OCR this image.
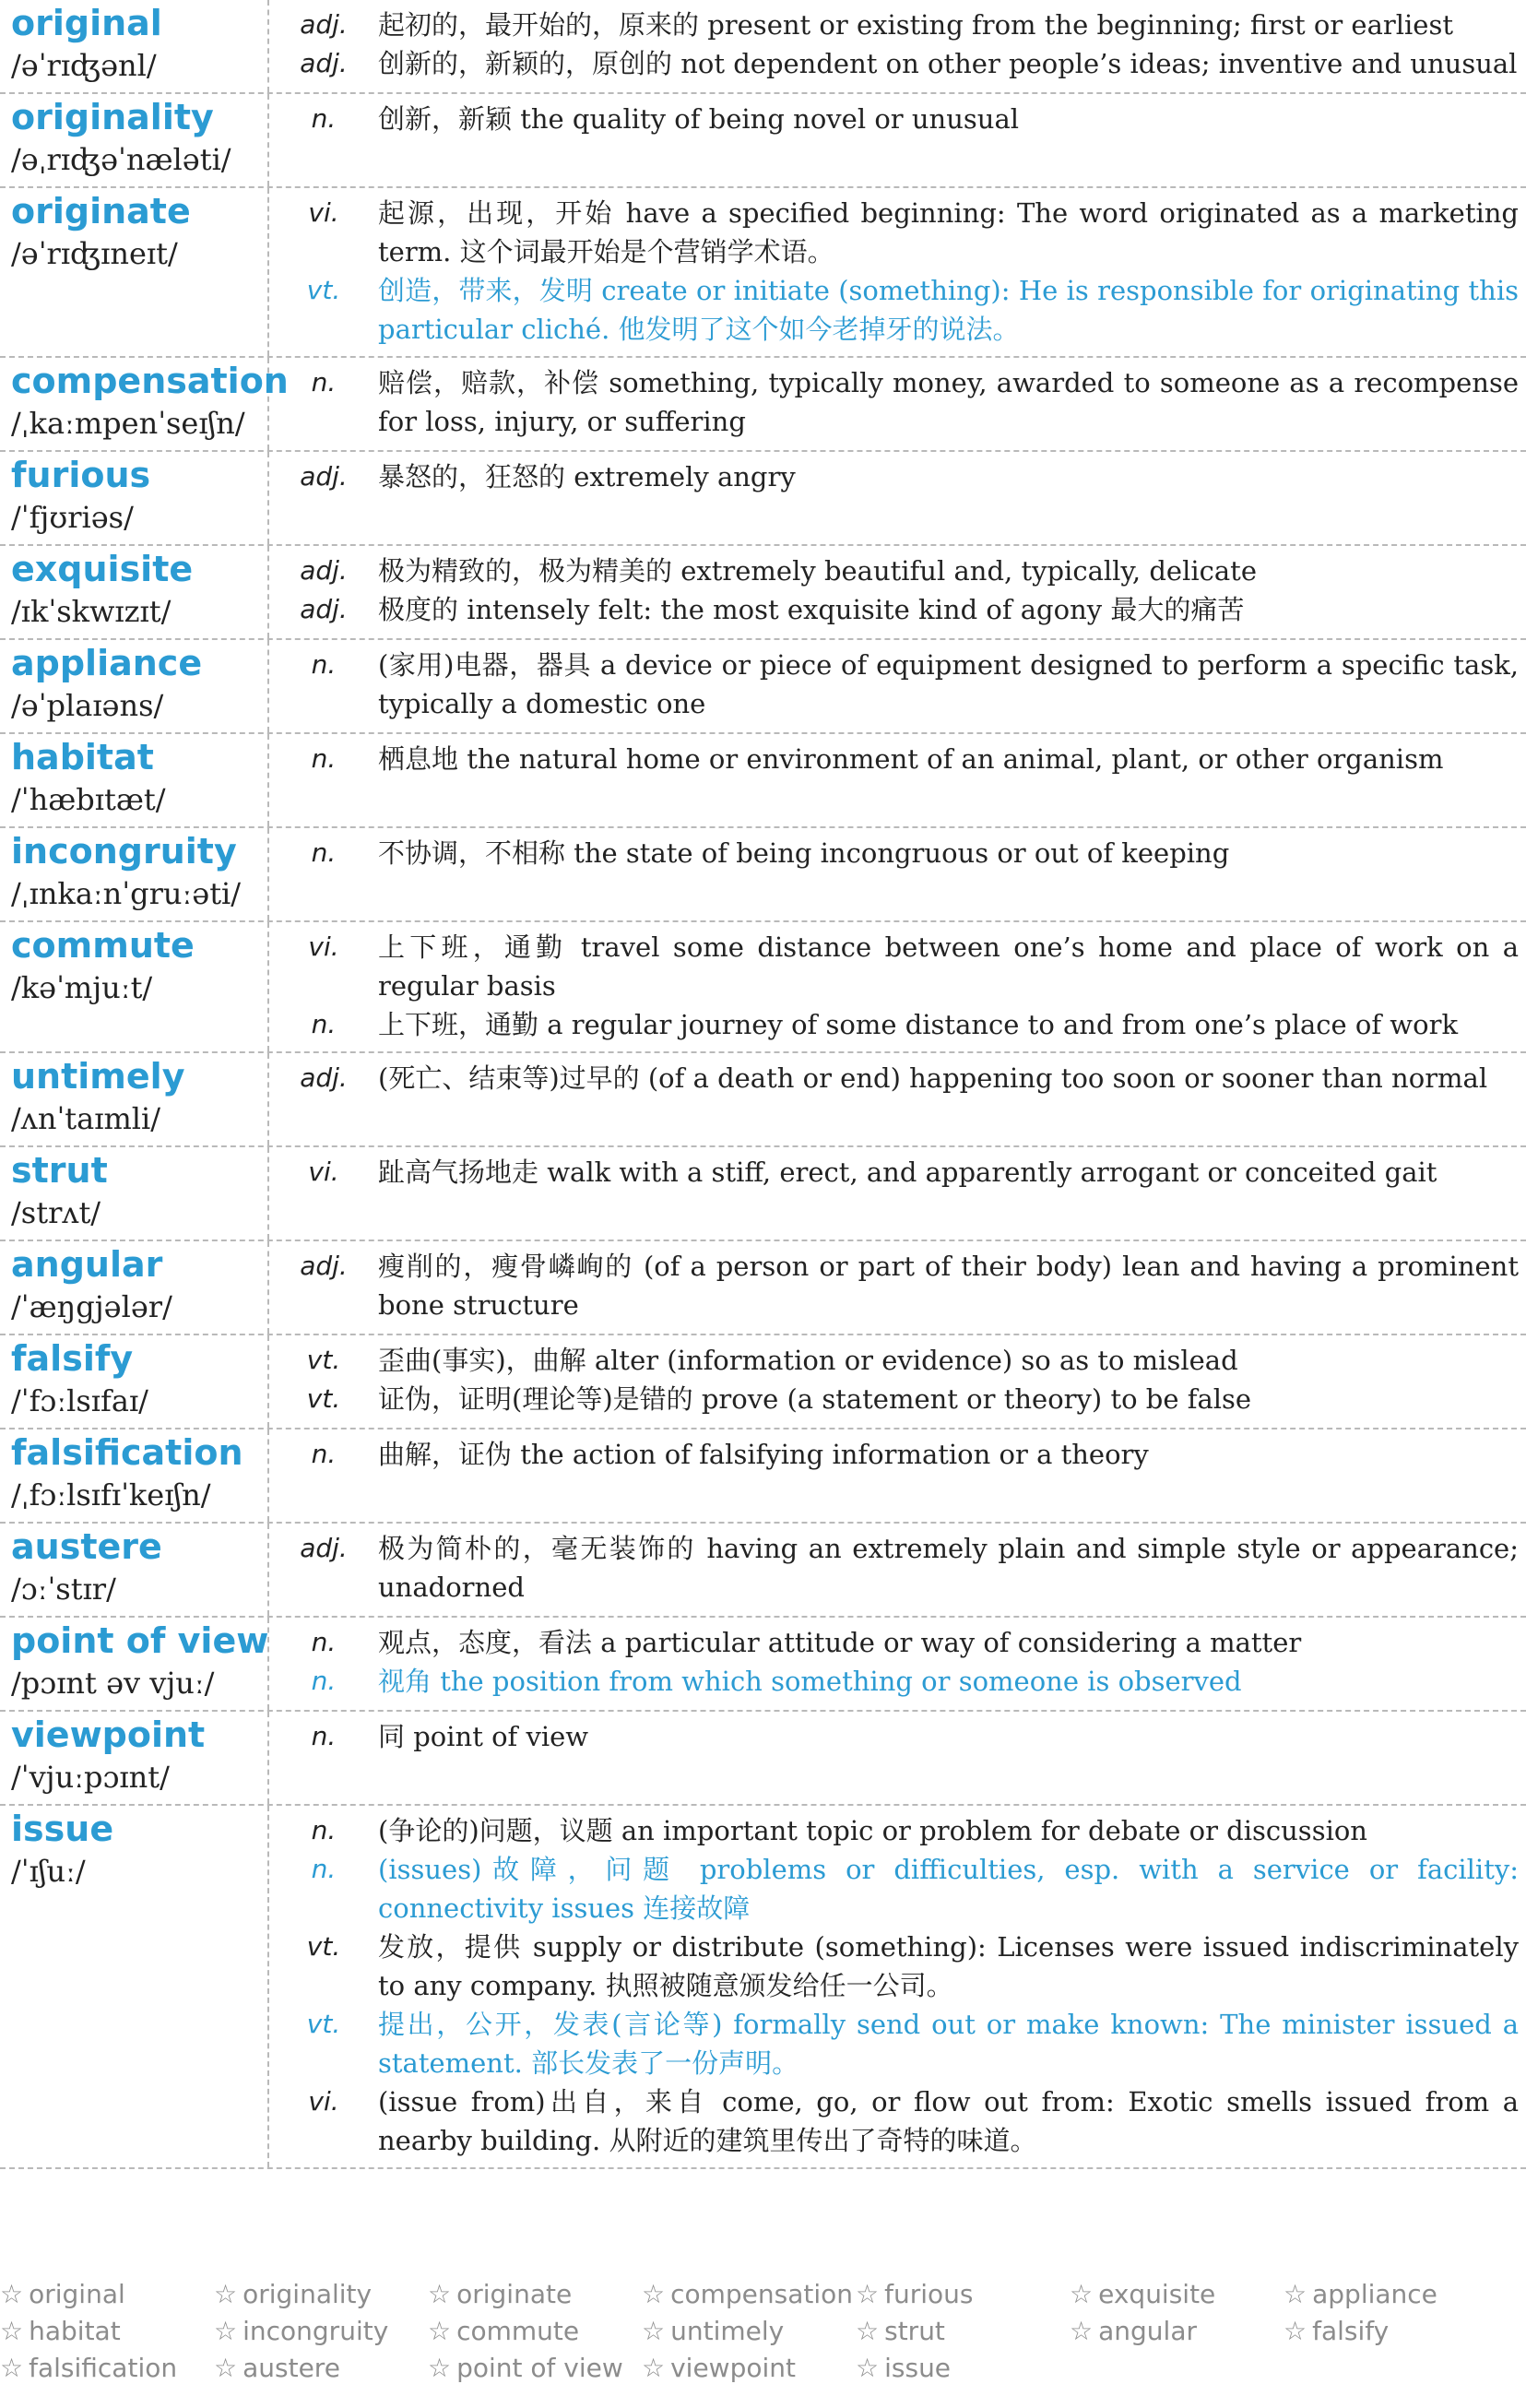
original
/əˈrɪʤənl/
adj.	起初的，最开始的，原来的 present or existing from the beginning; first or earliest
adj.	创新的，新颖的，原创的 not dependent on other people’s ideas; inventive and unusual
originality
/əˌrɪʤəˈnæləti/
n.	创新，新颖 the quality of being novel or unusual
originate
/əˈrɪʤɪneɪt/
vi.	起源，出现，开始 have a specified beginning: The word originated as a marketing term. 这个词最开始是个营销学术语。
vt.	创造，带来，发明 create or initiate (something): He is responsible for originating this particular cliché. 他发明了这个如今老掉牙的说法。
compensation
/ˌkaːmpenˈseɪʃn/
n.	赔偿，赔款，补偿 something, typically money, awarded to someone as a recompense for loss, injury, or suffering
furious
/ˈfjʊriəs/
adj.	暴怒的，狂怒的 extremely angry
exquisite
/ɪkˈskwɪzɪt/
adj.	极为精致的，极为精美的 extremely beautiful and, typically, delicate
adj.	极度的 intensely felt: the most exquisite kind of agony 最大的痛苦
appliance
/əˈplaɪəns/
n.	(家用)电器，器具 a device or piece of equipment designed to perform a specific task, typically a domestic one
habitat
/ˈhæbɪtæt/
n.	栖息地 the natural home or environment of an animal, plant, or other organism
incongruity
/ˌɪnkaːnˈgruːəti/
n.	不协调，不相称 the state of being incongruous or out of keeping
commute
/kəˈmjuːt/
vi.	上下班，通勤 travel some distance between one’s home and place of work on a regular basis
n.	上下班，通勤 a regular journey of some distance to and from one’s place of work
untimely
/ʌnˈtaɪmli/
adj.	(死亡、结束等)过早的 (of a death or end) happening too soon or sooner than normal
strut
/strʌt/
vi.	趾高气扬地走 walk with a stiff, erect, and apparently arrogant or conceited gait
angular
/ˈæŋgjələr/
adj.	瘦削的，瘦骨嶙峋的 (of a person or part of their body) lean and having a prominent bone structure
falsify
/ˈfɔːlsɪfaɪ/
vt.	歪曲(事实)，曲解 alter (information or evidence) so as to mislead
vt.	证伪，证明(理论等)是错的 prove (a statement or theory) to be false
falsification
/ˌfɔːlsɪfɪˈkeɪʃn/
n.	曲解，证伪 the action of falsifying information or a theory
austere
/ɔːˈstɪr/
adj.	极为简朴的，毫无装饰的 having an extremely plain and simple style or appearance; unadorned
point of view
/pɔɪnt əv vjuː/
n.	观点，态度，看法 a particular attitude or way of considering a matter
n.	视角 the position from which something or someone is observed
viewpoint
/ˈvjuːpɔɪnt/
n.	同 point of view
issue
/ˈɪʃuː/
n.	(争论的)问题，议题 an important topic or problem for debate or discussion
n.	(issues)故障，问题 problems or difficulties, esp. with a service or facility: connectivity issues 连接故障
vt.	发放，提供 supply or distribute (something): Licenses were issued indiscriminately to any company. 执照被随意颁发给任一公司。
vt.	提出，公开，发表(言论等) formally send out or make known: The minister issued a statement. 部长发表了一份声明。
vi.	(issue from)出自，来自 come, go, or flow out from: Exotic smells issued from a nearby building. 从附近的建筑里传出了奇特的味道。
☆ original	☆ originality	☆ originate	☆ compensation ☆ furious	☆ exquisite	☆ appliance
☆ habitat	☆ incongruity	☆ commute	☆ untimely	☆ strut	☆ angular	☆ falsify
☆ falsification	☆ austere	☆ point of view ☆ viewpoint	☆ issue
